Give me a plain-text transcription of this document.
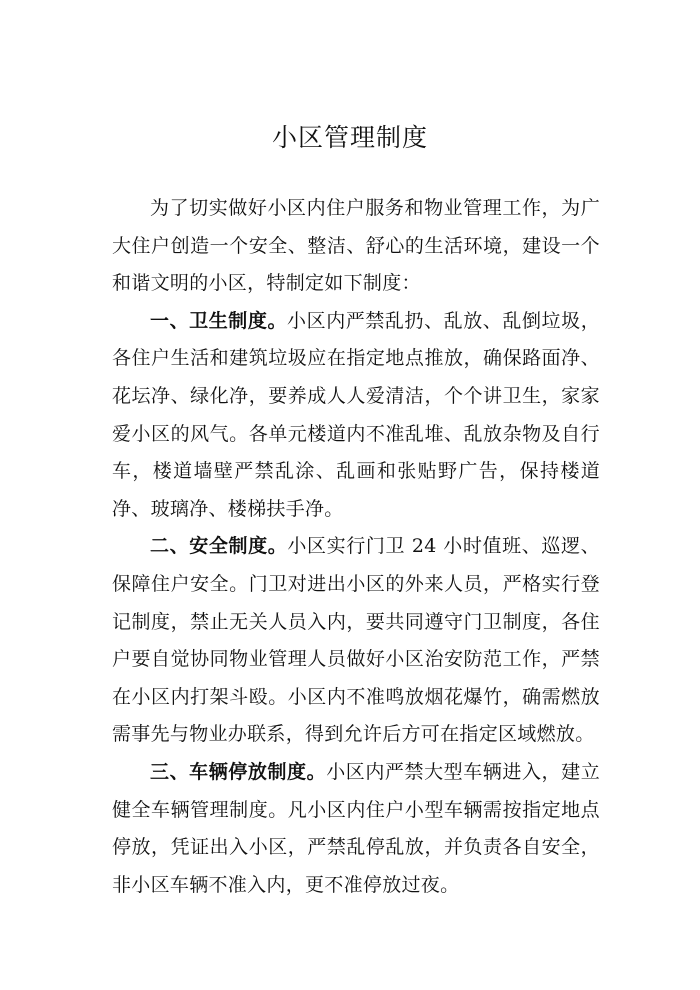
小区管理制度

为了切实做好小区内住户服务和物业管理工作，为广大住户创造一个安全、整洁、舒心的生活环境，建设一个和谐文明的小区，特制定如下制度：

一、卫生制度。小区内严禁乱扔、乱放、乱倒垃圾，各住户生活和建筑垃圾应在指定地点推放，确保路面净、花坛净、绿化净，要养成人人爱清洁，个个讲卫生，家家爱小区的风气。各单元楼道内不准乱堆、乱放杂物及自行车，楼道墙壁严禁乱涂、乱画和张贴野广告，保持楼道净、玻璃净、楼梯扶手净。

二、安全制度。小区实行门卫 24 小时值班、巡逻、保障住户安全。门卫对进出小区的外来人员，严格实行登记制度，禁止无关人员入内，要共同遵守门卫制度，各住户要自觉协同物业管理人员做好小区治安防范工作，严禁在小区内打架斗殴。小区内不准鸣放烟花爆竹，确需燃放需事先与物业办联系，得到允许后方可在指定区域燃放。

三、车辆停放制度。小区内严禁大型车辆进入，建立健全车辆管理制度。凡小区内住户小型车辆需按指定地点停放，凭证出入小区，严禁乱停乱放，并负责各自安全，非小区车辆不准入内，更不准停放过夜。
